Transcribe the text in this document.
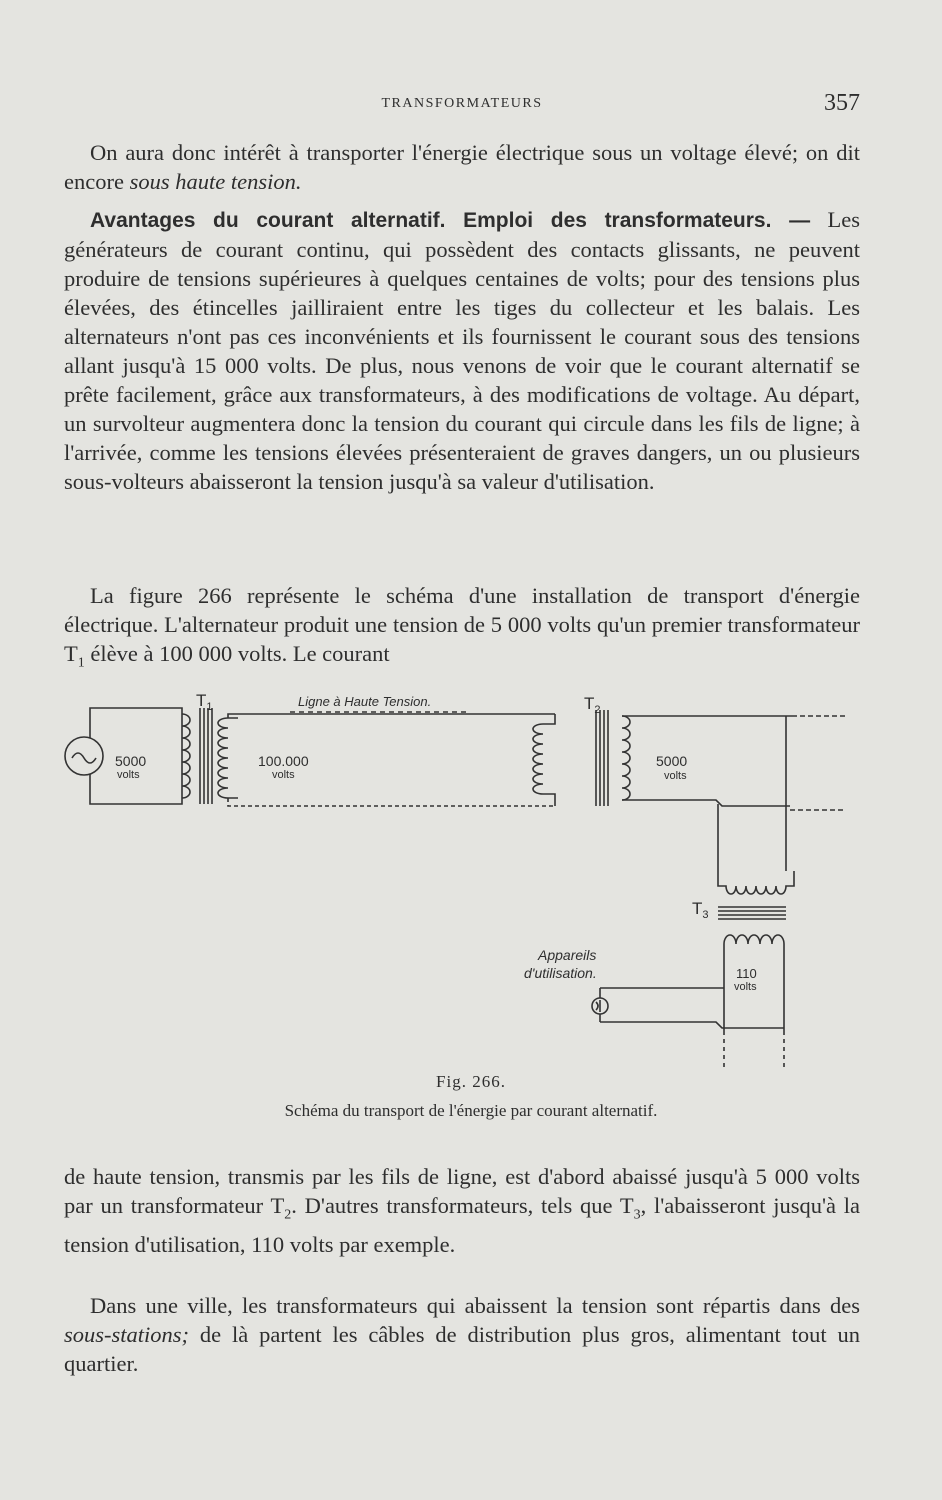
TRANSFORMATEURS	357

On aura donc intérêt à transporter l'énergie électrique sous un voltage élevé; on dit encore sous haute tension.

Avantages du courant alternatif. Emploi des transformateurs. — Les générateurs de courant continu, qui possèdent des contacts glissants, ne peuvent produire de tensions supérieures à quelques centaines de volts; pour des tensions plus élevées, des étincelles jailliraient entre les tiges du collecteur et les balais. Les alternateurs n'ont pas ces inconvénients et ils fournissent le courant sous des tensions allant jusqu'à 15 000 volts. De plus, nous venons de voir que le courant alternatif se prête facilement, grâce aux transformateurs, à des modifications de voltage. Au départ, un survolteur augmentera donc la tension du courant qui circule dans les fils de ligne; à l'arrivée, comme les tensions élevées présenteraient de graves dangers, un ou plusieurs sous-volteurs abaisseront la tension jusqu'à sa valeur d'utilisation.

La figure 266 représente le schéma d'une installation de transport d'énergie électrique. L'alternateur produit une tension de 5 000 volts qu'un premier transformateur $T_1$ élève à 100 000 volts. Le courant

$T_1$	Ligne à Haute Tension.	$T_2$
$T_3$
5000
volts
100.000
volts
5000
volts
110
volts
Appareils
d'utilisation.
Fig. 266.
Schéma du transport de l'énergie par courant alternatif.

de haute tension, transmis par les fils de ligne, est d'abord abaissé jusqu'à 5 000 volts par un transformateur $T_2$. D'autres transformateurs, tels que $T_3$, l'abaisseront jusqu'à la tension d'utilisation, 110 volts par exemple.

Dans une ville, les transformateurs qui abaissent la tension sont répartis dans des sous-stations; de là partent les câbles de distribution plus gros, alimentant tout un quartier.
